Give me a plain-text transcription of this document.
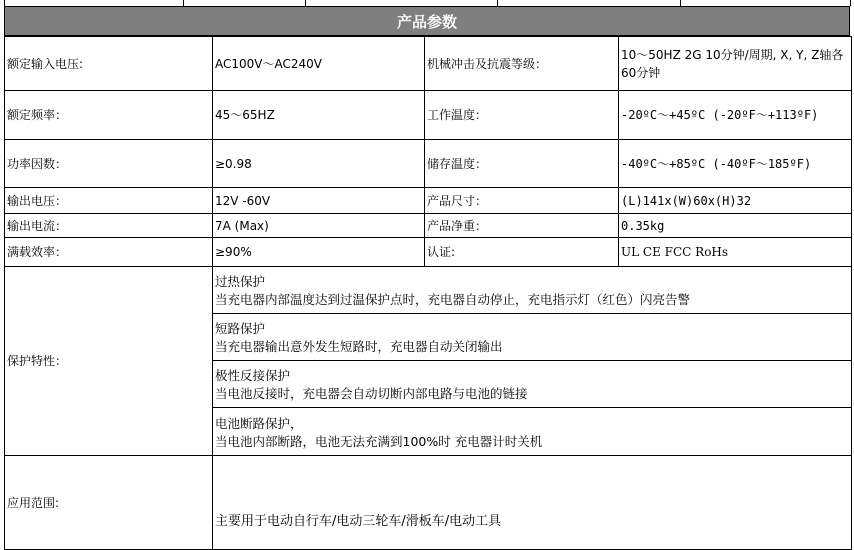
产品参数
额定输入电压:	AC100V～AC240V	机械冲击及抗震等级：	10～50HZ 2G 10分钟/周期, X, Y, Z轴各60分钟
额定频率：	45～65HZ	工作温度：	-20ºC～+45ºC (-20ºF～+113ºF)
功率因数：	≥0.98	储存温度：	-40ºC～+85ºC (-40ºF～185ºF)
输出电压：	12V -60V	产品尺寸：	(L)141x(W)60x(H)32
输出电流：	7A (Max)	产品净重：	0.35kg
满载效率：	≥90%	认证:	UL CE FCC RoHs
保护特性：	过热保护
当充电器内部温度达到过温保护点时，充电器自动停止，充电指示灯（红色）闪亮告警		

	短路保护
当充电器输出意外发生短路时，充电器自动关闭输出		

	极性反接保护
当电池反接时，充电器会自动切断内部电路与电池的链接		

	电池断路保护，
当电池内部断路，电池无法充满到100%时 充电器计时关机		

应用范围:	主要用于电动自行车/电动三轮车/滑板车/电动工具		
